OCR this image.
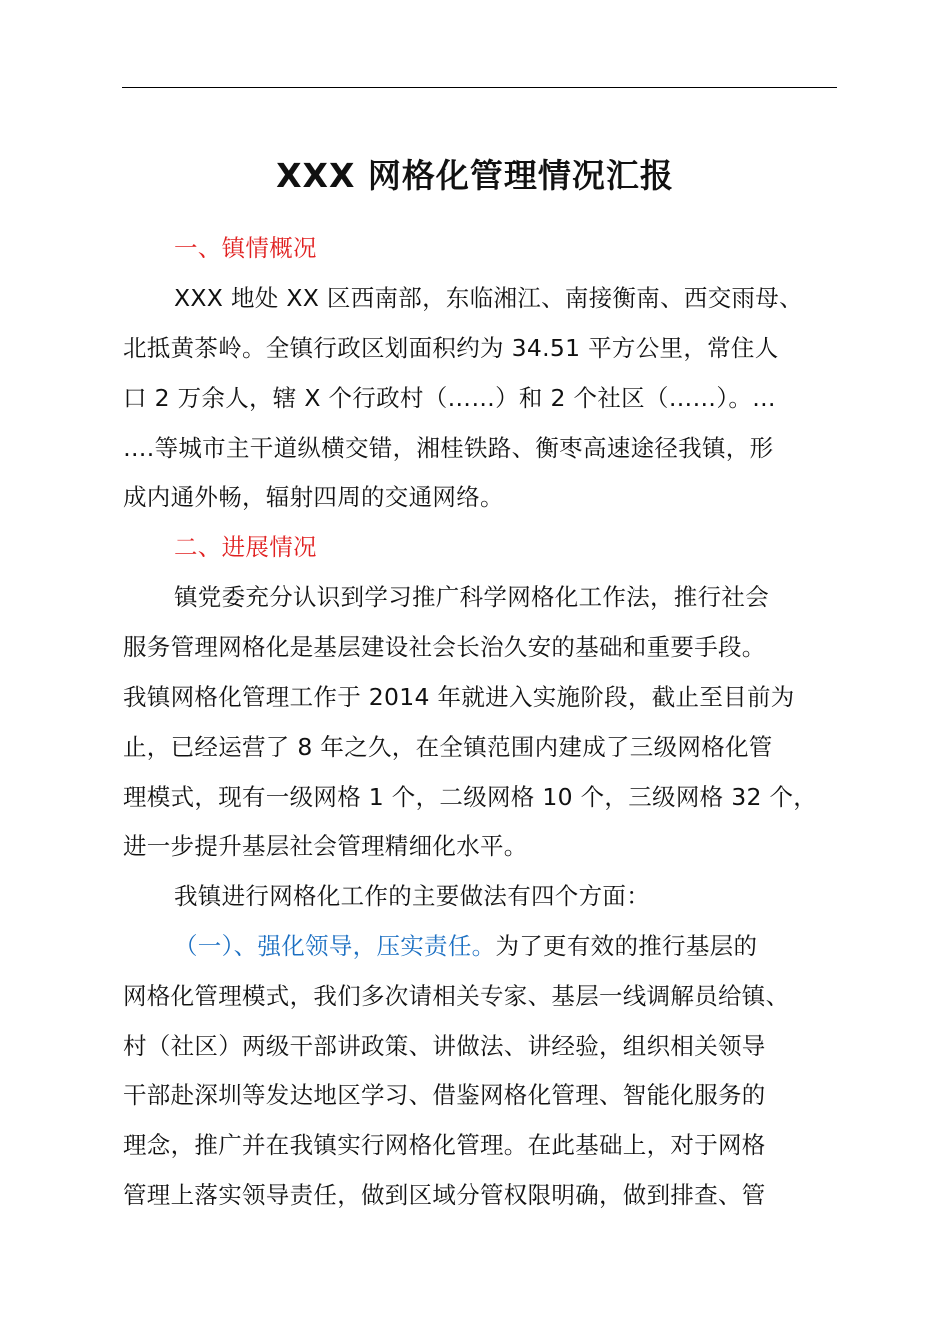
XXX 网格化管理情况汇报
一、镇情概况
XXX 地处 XX 区西南部，东临湘江、南接衡南、西交雨母、
北抵黄茶岭。全镇行政区划面积约为 34.51 平方公里，常住人
口 2 万余人，辖 X 个行政村（……）和 2 个社区（……）。…
….等城市主干道纵横交错，湘桂铁路、衡枣高速途径我镇，形
成内通外畅，辐射四周的交通网络。
二、进展情况
镇党委充分认识到学习推广科学网格化工作法，推行社会
服务管理网格化是基层建设社会长治久安的基础和重要手段。
我镇网格化管理工作于 2014 年就进入实施阶段，截止至目前为
止，已经运营了 8 年之久，在全镇范围内建成了三级网格化管
理模式，现有一级网格 1 个，二级网格 10 个，三级网格 32 个，
进一步提升基层社会管理精细化水平。
我镇进行网格化工作的主要做法有四个方面：
（一）、强化领导，压实责任。为了更有效的推行基层的
网格化管理模式，我们多次请相关专家、基层一线调解员给镇、
村（社区）两级干部讲政策、讲做法、讲经验，组织相关领导
干部赴深圳等发达地区学习、借鉴网格化管理、智能化服务的
理念，推广并在我镇实行网格化管理。在此基础上，对于网格
管理上落实领导责任，做到区域分管权限明确，做到排查、管
